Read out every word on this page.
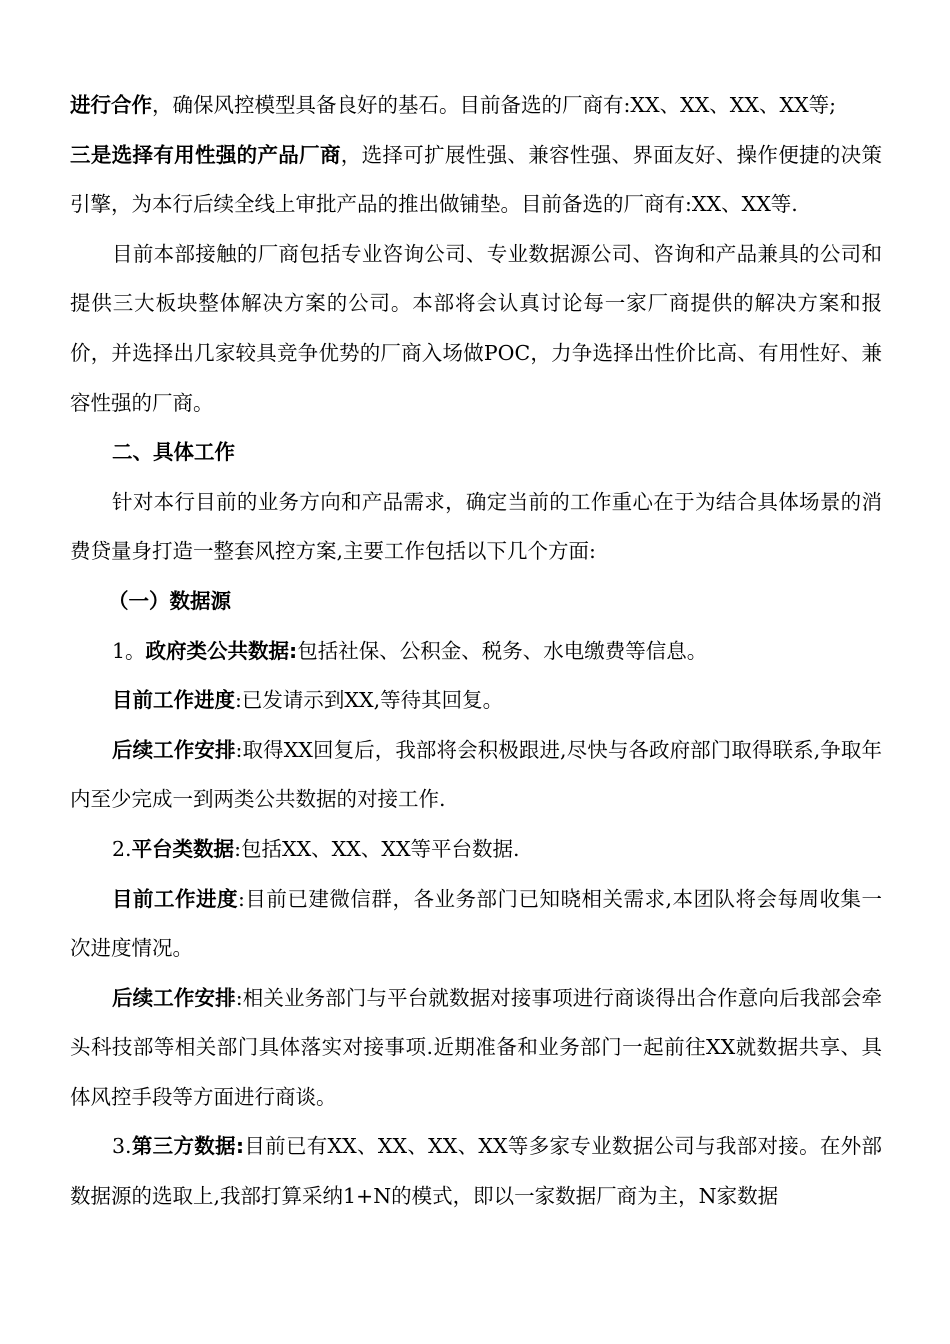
进行合作，确保风控模型具备良好的基石。目前备选的厂商有:XX、XX、XX、XX等;

三是选择有用性强的产品厂商，选择可扩展性强、兼容性强、界面友好、操作便捷的决策引擎，为本行后续全线上审批产品的推出做铺垫。目前备选的厂商有:XX、XX等.

目前本部接触的厂商包括专业咨询公司、专业数据源公司、咨询和产品兼具的公司和提供三大板块整体解决方案的公司。本部将会认真讨论每一家厂商提供的解决方案和报价，并选择出几家较具竞争优势的厂商入场做POC，力争选择出性价比高、有用性好、兼容性强的厂商。

二、具体工作

针对本行目前的业务方向和产品需求，确定当前的工作重心在于为结合具体场景的消费贷量身打造一整套风控方案,主要工作包括以下几个方面:

（一）数据源

1。政府类公共数据:包括社保、公积金、税务、水电缴费等信息。

目前工作进度:已发请示到XX,等待其回复。

后续工作安排:取得XX回复后，我部将会积极跟进,尽快与各政府部门取得联系,争取年内至少完成一到两类公共数据的对接工作.

2.平台类数据:包括XX、XX、XX等平台数据.

目前工作进度:目前已建微信群，各业务部门已知晓相关需求,本团队将会每周收集一次进度情况。

后续工作安排:相关业务部门与平台就数据对接事项进行商谈得出合作意向后我部会牵头科技部等相关部门具体落实对接事项.近期准备和业务部门一起前往XX就数据共享、具体风控手段等方面进行商谈。

3.第三方数据:目前已有XX、XX、XX、XX等多家专业数据公司与我部对接。在外部数据源的选取上,我部打算采纳1+N的模式，即以一家数据厂商为主，N家数据
